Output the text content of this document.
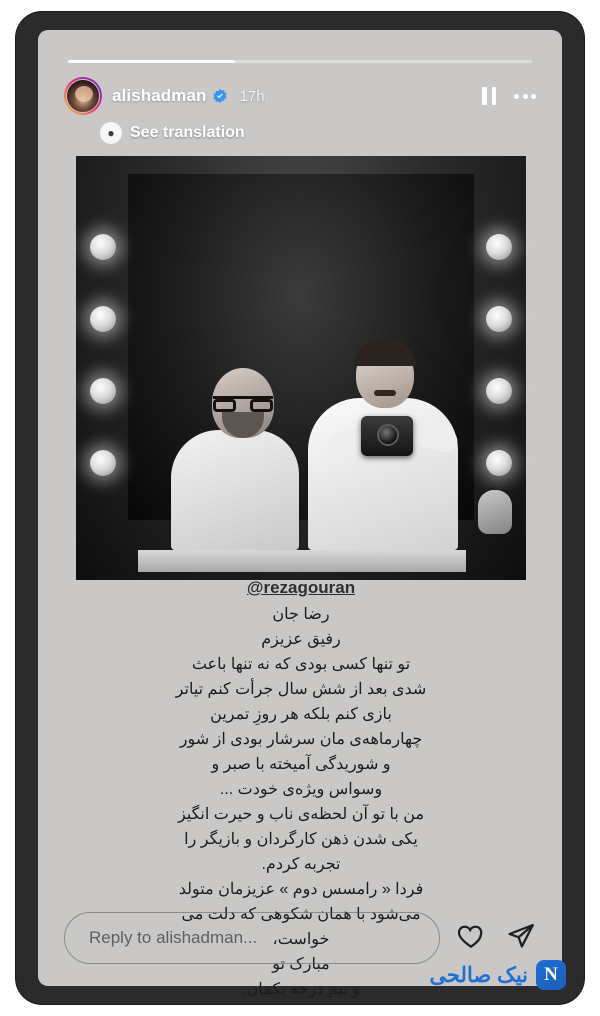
alishadman 17h
● See translation
@rezagouran
رضا جان
رفیق عزیزم
تو تنها کسی بودی که نه تنها باعث
شدی بعد از شش سال جرأت کنم تیاتر
بازی کنم بلکه هر روزِ تمرین
چهارماهه‌ی مان سرشار بودی از شور
و شوریدگی آمیخته با صبر و
وسواس ویژه‌ی خودت ...
من با تو آن لحظه‌ی ناب و حیرت انگیز
یکی شدن ذهن کارگردان و بازیگر را
تجربه کردم.
فردا « رامسس دوم » عزیزمان متولد
می‌شود با همان شکوهی که دلت می
خواست،
مبارک تو
و تیم درجه یکمان.
Reply to alishadman...
نیک صالحی N
